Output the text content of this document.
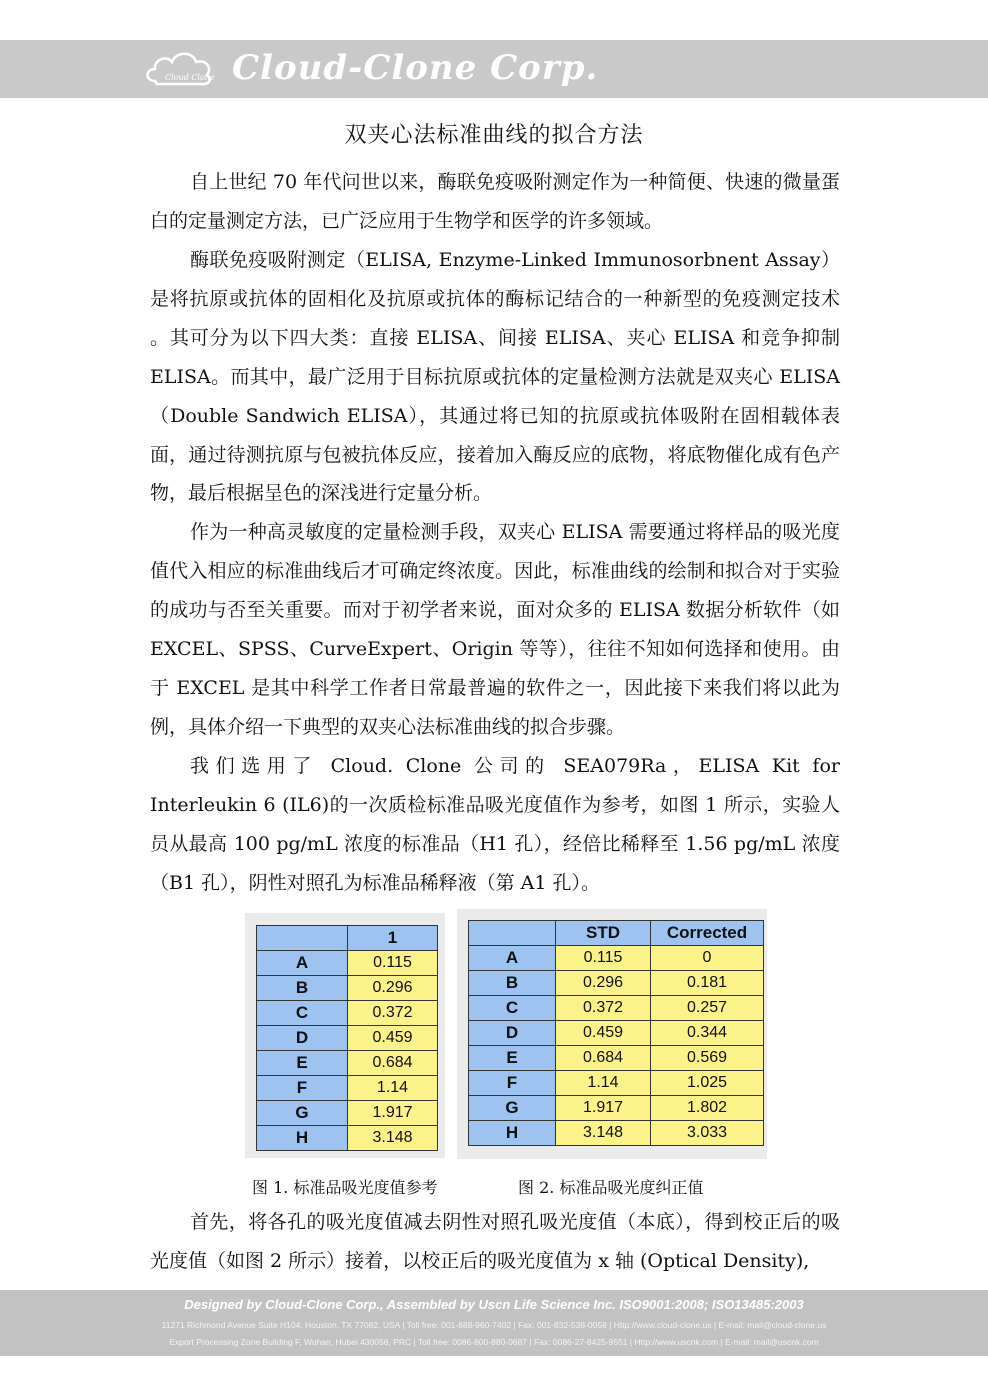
Cloud Clone Cloud-Clone Corp.
双夹心法标准曲线的拟合方法
自上世纪 70 年代问世以来，酶联免疫吸附测定作为一种简便、快速的微量蛋白的定量测定方法，已广泛应用于生物学和医学的许多领域。
酶联免疫吸附测定（ELISA, Enzyme-Linked Immunosorbnent Assay）是将抗原或抗体的固相化及抗原或抗体的酶标记结合的一种新型的免疫测定技术 。其可分为以下四大类：直接 ELISA、间接 ELISA、夹心 ELISA 和竞争抑制 ELISA。而其中，最广泛用于目标抗原或抗体的定量检测方法就是双夹心 ELISA（Double Sandwich ELISA），其通过将已知的抗原或抗体吸附在固相载体表面，通过待测抗原与包被抗体反应，接着加入酶反应的底物，将底物催化成有色产物，最后根据呈色的深浅进行定量分析。
作为一种高灵敏度的定量检测手段，双夹心 ELISA 需要通过将样品的吸光度值代入相应的标准曲线后才可确定终浓度。因此，标准曲线的绘制和拟合对于实验的成功与否至关重要。而对于初学者来说，面对众多的 ELISA 数据分析软件（如 EXCEL、SPSS、CurveExpert、Origin 等等），往往不知如何选择和使用。由于 EXCEL 是其中科学工作者日常最普遍的软件之一，因此接下来我们将以此为例，具体介绍一下典型的双夹心法标准曲线的拟合步骤。
我们选用了 Cloud. Clone 公司的 SEA079Ra，ELISA Kit for Interleukin 6 (IL6)的一次质检标准品吸光度值作为参考，如图 1 所示，实验人员从最高 100 pg/mL 浓度的标准品（H1 孔），经倍比稀释至 1.56 pg/mL 浓度（B1 孔），阴性对照孔为标准品稀释液（第 A1 孔）。
	1
A	0.115
B	0.296
C	0.372
D	0.459
E	0.684
F	1.14
G	1.917
H	3.148
	STD	Corrected
A	0.115	0
B	0.296	0.181
C	0.372	0.257
D	0.459	0.344
E	0.684	0.569
F	1.14	1.025
G	1.917	1.802
H	3.148	3.033
图 1. 标准品吸光度值参考	图 2. 标准品吸光度纠正值
首先，将各孔的吸光度值减去阴性对照孔吸光度值（本底），得到校正后的吸光度值（如图 2 所示）接着，以校正后的吸光度值为 x 轴 (Optical Density),
Designed by Cloud-Clone Corp., Assembled by Uscn Life Science Inc. ISO9001:2008; ISO13485:2003
11271 Richmond Avenue Suite H104, Houston, TX 77082, USA | Toll free: 001-888-960-7402 | Fax: 001-832-538-0058 | Http://www.cloud-clone.us | E-mail: mail@cloud-clone.us
Export Processing Zone Building F, Wuhan, Hubei 430056, PRC | Toll free: 0086-800-880-0687 | Fax: 0086-27-8425-9551 | Http://www.uscnk.com | E-mail: mail@uscnk.com
